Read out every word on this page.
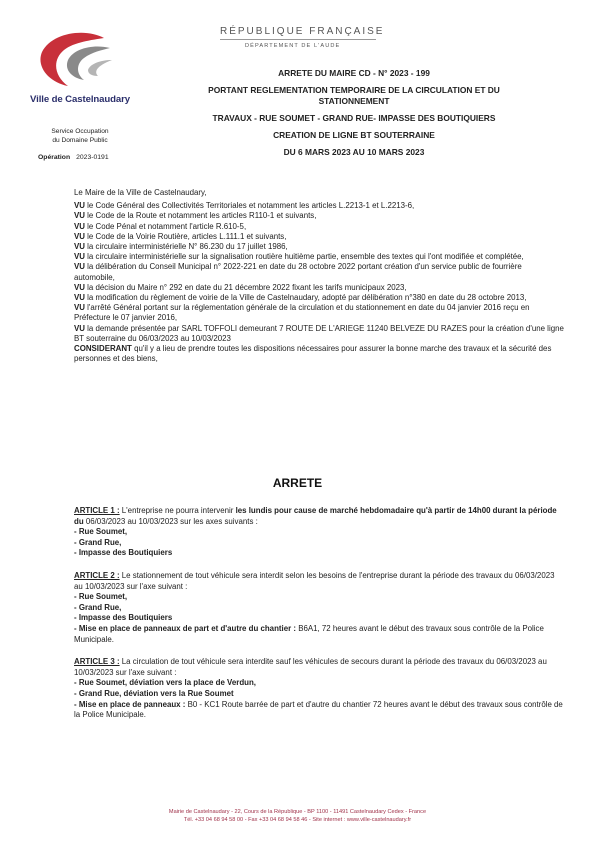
Ville de Castelnaudary
Service Occupation
du Domaine Public
Opération 2023-0191
RÉPUBLIQUE FRANÇAISE
DÉPARTEMENT DE L'AUDE
ARRETE DU MAIRE CD - N° 2023 - 199
PORTANT REGLEMENTATION TEMPORAIRE DE LA CIRCULATION ET DU
STATIONNEMENT
TRAVAUX - RUE SOUMET - GRAND RUE- IMPASSE DES BOUTIQUIERS
CREATION DE LIGNE BT SOUTERRAINE
DU 6 MARS 2023 AU 10 MARS 2023

Le Maire de la Ville de Castelnaudary,

VU le Code Général des Collectivités Territoriales et notamment les articles L.2213-1 et L.2213-6,

VU le Code de la Route et notamment les articles R110-1 et suivants,

VU le Code Pénal et notamment l'article R.610-5,

VU le Code de la Voirie Routière, articles L.111.1 et suivants,

VU la circulaire interministérielle N° 86.230 du 17 juillet 1986,

VU la circulaire interministérielle sur la signalisation routière huitième partie, ensemble des textes qui l'ont modifiée et complétée,

VU la délibération du Conseil Municipal n° 2022-221 en date du 28 octobre 2022 portant création d'un service public de fourrière automobile,

VU la décision du Maire n° 292 en date du 21 décembre 2022 fixant les tarifs municipaux 2023,

VU la modification du règlement de voirie de la Ville de Castelnaudary, adopté par délibération n°380 en date du 28 octobre 2013,

VU l'arrêté Général portant sur la réglementation générale de la circulation et du stationnement en date du 04 janvier 2016 reçu en Préfecture le 07 janvier 2016,

VU la demande présentée par SARL TOFFOLI demeurant 7 ROUTE DE L'ARIEGE 11240 BELVEZE DU RAZES pour la création d'une ligne BT souterraine du 06/03/2023 au 10/03/2023

CONSIDERANT qu'il y a lieu de prendre toutes les dispositions nécessaires pour assurer la bonne marche des travaux et la sécurité des personnes et des biens,

ARRETE

ARTICLE 1 : L'entreprise ne pourra intervenir les lundis pour cause de marché hebdomadaire qu'à partir de 14h00 durant la période du 06/03/2023 au 10/03/2023 sur les axes suivants :

- Rue Soumet,

- Grand Rue,

- Impasse des Boutiquiers

ARTICLE 2 : Le stationnement de tout véhicule sera interdit selon les besoins de l'entreprise durant la période des travaux du 06/03/2023 au 10/03/2023 sur l'axe suivant :

- Rue Soumet,

- Grand Rue,

- Impasse des Boutiquiers

- Mise en place de panneaux de part et d'autre du chantier : B6A1, 72 heures avant le début des travaux sous contrôle de la Police Municipale.

ARTICLE 3 : La circulation de tout véhicule sera interdite sauf les véhicules de secours durant la période des travaux du 06/03/2023 au 10/03/2023 sur l'axe suivant :

- Rue Soumet, déviation vers la place de Verdun,

- Grand Rue, déviation vers la Rue Soumet

- Mise en place de panneaux : B0 - KC1 Route barrée de part et d'autre du chantier 72 heures avant le début des travaux sous contrôle de la Police Municipale.

Mairie de Castelnaudary - 22, Cours de la République - BP 1100 - 11491 Castelnaudary Cedex - France
Tél. +33 04 68 94 58 00 - Fax +33 04 68 94 58 46 - Site internet : www.ville-castelnaudary.fr
